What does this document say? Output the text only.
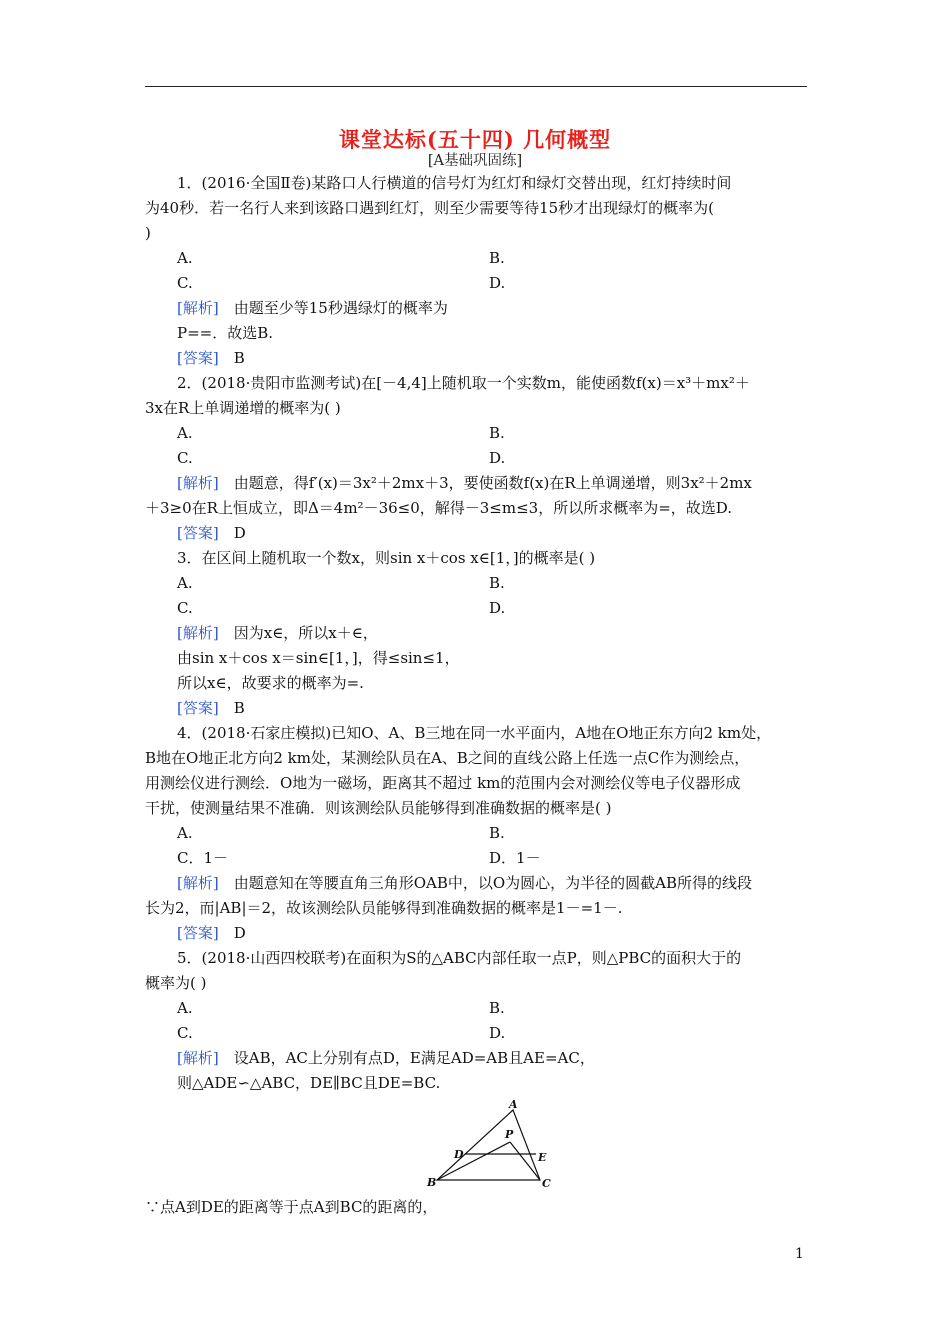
课堂达标(五十四) 几何概型
[A基础巩固练]
1．(2016·全国Ⅱ卷)某路口人行横道的信号灯为红灯和绿灯交替出现，红灯持续时间
为40秒．若一名行人来到该路口遇到红灯，则至少需要等待15秒才出现绿灯的概率为(
)
A.	B.
C.	D.
[解析]　 由题至少等15秒遇绿灯的概率为
P==．故选B.
[答案]　 B
2．(2018·贵阳市监测考试)在[－4,4]上随机取一个实数m，能使函数f(x)＝x³＋mx²＋
3x在R上单调递增的概率为( )
A.	B.
C.	D.
[解析]　 由题意，得f′(x)＝3x²＋2mx＋3，要使函数f(x)在R上单调递增，则3x²＋2mx
＋3≥0在R上恒成立，即Δ＝4m²－36≤0，解得－3≤m≤3，所以所求概率为=，故选D.
[答案]　 D
3．在区间上随机取一个数x，则sin x＋cos x∈[1，]的概率是( )
A.	B.
C.	D.
[解析]　 因为x∈，所以x＋∈，
由sin x＋cos x＝sin∈[1，]，得≤sin≤1，
所以x∈，故要求的概率为=.
[答案]　 B
4．(2018·石家庄模拟)已知O、A、B三地在同一水平面内，A地在O地正东方向2 km处，
B地在O地正北方向2 km处，某测绘队员在A、B之间的直线公路上任选一点C作为测绘点，
用测绘仪进行测绘．O地为一磁场，距离其不超过 km的范围内会对测绘仪等电子仪器形成
干扰，使测量结果不准确．则该测绘队员能够得到准确数据的概率是( )
A.	B.
C．1－	D．1－
[解析]　 由题意知在等腰直角三角形OAB中，以O为圆心，为半径的圆截AB所得的线段
长为2，而|AB|＝2，故该测绘队员能够得到准确数据的概率是1－=1－.
[答案]　 D
5．(2018·山西四校联考)在面积为S的△ABC内部任取一点P，则△PBC的面积大于的
概率为( )
A.	B.
C.	D.
[解析]　 设AB，AC上分别有点D，E满足AD=AB且AE=AC，
则△ADE∽△ABC，DE∥BC且DE=BC.
A
P
D	E
B	C
∵点A到DE的距离等于点A到BC的距离的，
1
